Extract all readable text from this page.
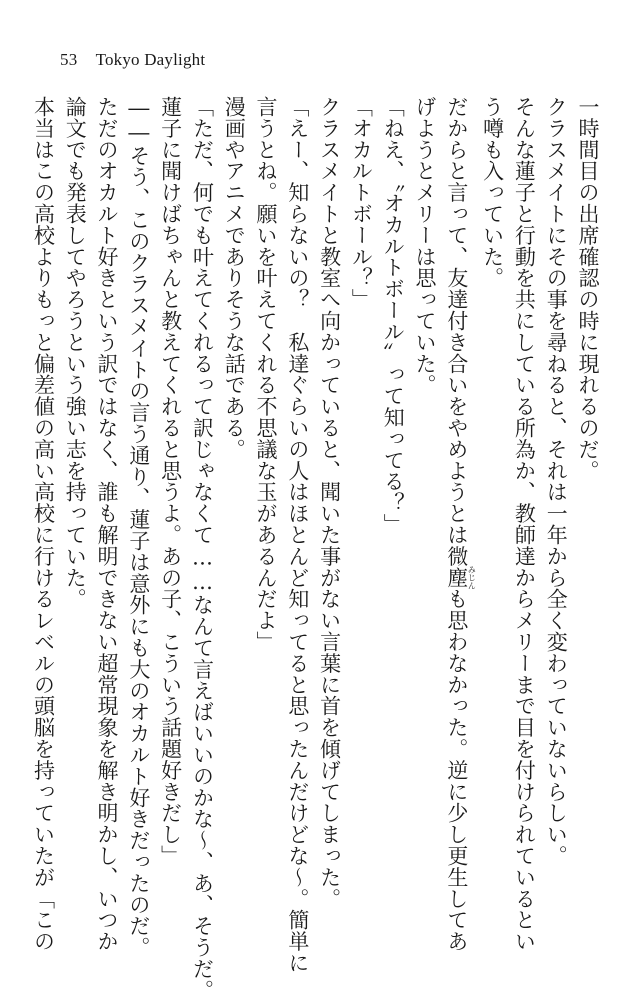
53 Tokyo Daylight
一時間目の出席確認の時に現れるのだ。
クラスメイトにその事を尋ねると、それは一年から全く変わっていないらしい。
そんな蓮子と行動を共にしている所為か、教師達からメリーまで目を付けられているとい
う噂も入っていた。
だからと言って、友達付き合いをやめようとは微塵みじんも思わなかった。逆に少し更生してあ
げようとメリーは思っていた。
「ねえ、〝オカルトボール〟って知ってる？」
「オカルトボール？」
クラスメイトと教室へ向かっていると、聞いた事がない言葉に首を傾げてしまった。
「えー、知らないの？　私達ぐらいの人はほとんど知ってると思ったんだけどな～。簡単に
言うとね。願いを叶えてくれる不思議な玉があるんだよ」
漫画やアニメでありそうな話である。
「ただ、何でも叶えてくれるって訳じゃなくて……なんて言えばいいのかな～、あ、そうだ。
蓮子に聞けばちゃんと教えてくれると思うよ。あの子、こういう話題好きだし」
――そう、このクラスメイトの言う通り、蓮子は意外にも大のオカルト好きだったのだ。
ただのオカルト好きという訳ではなく、誰も解明できない超常現象を解き明かし、いつか
論文でも発表してやろうという強い志を持っていた。
本当はこの高校よりもっと偏差値の高い高校に行けるレベルの頭脳を持っていたが「この
